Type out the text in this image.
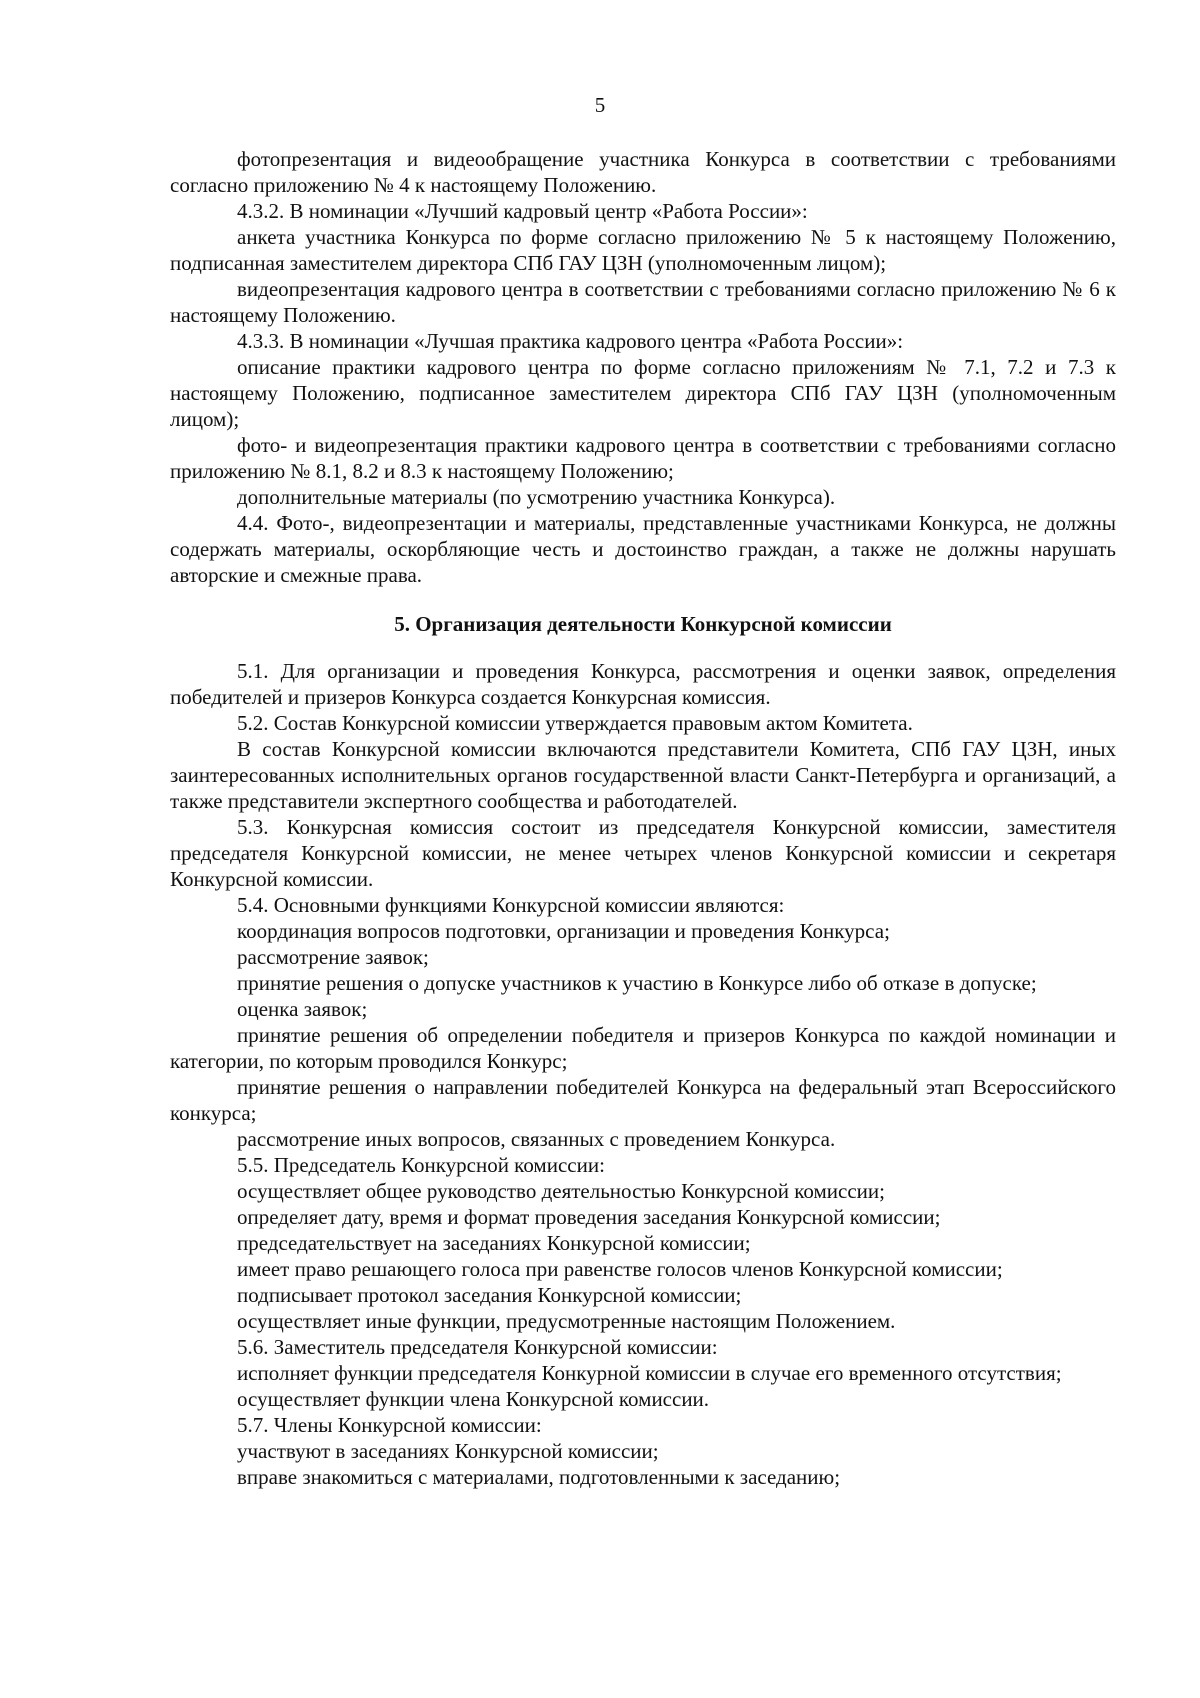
5

фотопрезентация и видеообращение участника Конкурса в соответствии с требованиями согласно приложению № 4 к настоящему Положению.

4.3.2. В номинации «Лучший кадровый центр «Работа России»:

анкета участника Конкурса по форме согласно приложению № 5 к настоящему Положению, подписанная заместителем директора СПб ГАУ ЦЗН (уполномоченным лицом);

видеопрезентация кадрового центра в соответствии с требованиями согласно приложению № 6 к настоящему Положению.

4.3.3. В номинации «Лучшая практика кадрового центра «Работа России»:

описание практики кадрового центра по форме согласно приложениям № 7.1, 7.2 и 7.3 к настоящему Положению, подписанное заместителем директора СПб ГАУ ЦЗН (уполномоченным лицом);

фото- и видеопрезентация практики кадрового центра в соответствии с требованиями согласно приложению № 8.1, 8.2 и 8.3 к настоящему Положению;

дополнительные материалы (по усмотрению участника Конкурса).

4.4. Фото-, видеопрезентации и материалы, представленные участниками Конкурса, не должны содержать материалы, оскорбляющие честь и достоинство граждан, а также не должны нарушать авторские и смежные права.

5. Организация деятельности Конкурсной комиссии

5.1. Для организации и проведения Конкурса, рассмотрения и оценки заявок, определения победителей и призеров Конкурса создается Конкурсная комиссия.

5.2. Состав Конкурсной комиссии утверждается правовым актом Комитета.

В состав Конкурсной комиссии включаются представители Комитета, СПб ГАУ ЦЗН, иных заинтересованных исполнительных органов государственной власти Санкт-Петербурга и организаций, а также представители экспертного сообщества и работодателей.

5.3. Конкурсная комиссия состоит из председателя Конкурсной комиссии, заместителя председателя Конкурсной комиссии, не менее четырех членов Конкурсной комиссии и секретаря Конкурсной комиссии.

5.4. Основными функциями Конкурсной комиссии являются:

координация вопросов подготовки, организации и проведения Конкурса;

рассмотрение заявок;

принятие решения о допуске участников к участию в Конкурсе либо об отказе в допуске;

оценка заявок;

принятие решения об определении победителя и призеров Конкурса по каждой номинации и категории, по которым проводился Конкурс;

принятие решения о направлении победителей Конкурса на федеральный этап Всероссийского конкурса;

рассмотрение иных вопросов, связанных с проведением Конкурса.

5.5. Председатель Конкурсной комиссии:

осуществляет общее руководство деятельностью Конкурсной комиссии;

определяет дату, время и формат проведения заседания Конкурсной комиссии;

председательствует на заседаниях Конкурсной комиссии;

имеет право решающего голоса при равенстве голосов членов Конкурсной комиссии;

подписывает протокол заседания Конкурсной комиссии;

осуществляет иные функции, предусмотренные настоящим Положением.

5.6. Заместитель председателя Конкурсной комиссии:

исполняет функции председателя Конкурной комиссии в случае его временного отсутствия;

осуществляет функции члена Конкурсной комиссии.

5.7. Члены Конкурсной комиссии:

участвуют в заседаниях Конкурсной комиссии;

вправе знакомиться с материалами, подготовленными к заседанию;
